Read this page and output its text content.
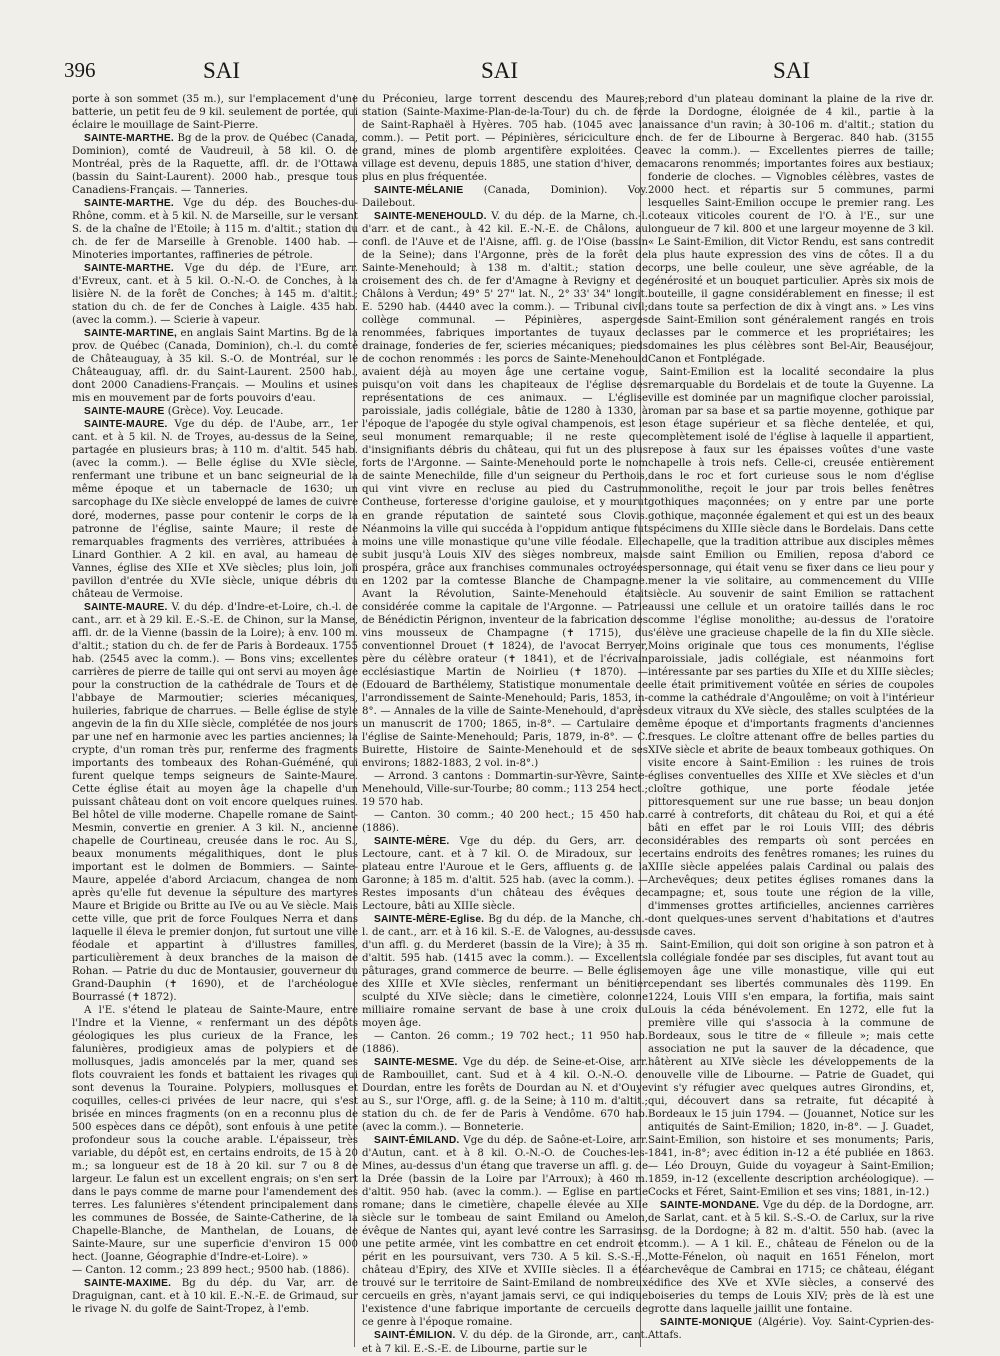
396	SAI	SAI	SAI

porte à son sommet (35 m.), sur l'emplacement d'une batterie, un petit feu de 9 kil. seulement de portée, qui éclaire le mouillage de Saint-Pierre.

SAINTE-MARTHE. Bg de la prov. de Québec (Canada, Dominion), comté de Vaudreuil, à 58 kil. O. de Montréal, près de la Raquette, affl. dr. de l'Ottawa (bassin du Saint-Laurent). 2000 hab., presque tous Canadiens-Français. — Tanneries.

SAINTE-MARTHE. Vge du dép. des Bouches-du-Rhône, comm. et à 5 kil. N. de Marseille, sur le versant S. de la chaîne de l'Etoile; à 115 m. d'altit.; station du ch. de fer de Marseille à Grenoble. 1400 hab. — Minoteries importantes, raffineries de pétrole.

SAINTE-MARTHE. Vge du dép. de l'Eure, arr. d'Evreux, cant. et à 5 kil. O.-N.-O. de Conches, à la lisière N. de la forêt de Conches; à 145 m. d'altit.; station du ch. de fer de Conches à Laigle. 435 hab. (avec la comm.). — Scierie à vapeur.

SAINTE-MARTINE, en anglais Saint Martins. Bg de la prov. de Québec (Canada, Dominion), ch.-l. du comté de Châteauguay, à 35 kil. S.-O. de Montréal, sur le Châteauguay, affl. dr. du Saint-Laurent. 2500 hab., dont 2000 Canadiens-Français. — Moulins et usines mis en mouvement par de forts pouvoirs d'eau.

SAINTE-MAURE (Grèce). Voy. Leucade.

SAINTE-MAURE. Vge du dép. de l'Aube, arr., 1er cant. et à 5 kil. N. de Troyes, au-dessus de la Seine, partagée en plusieurs bras; à 110 m. d'altit. 545 hab. (avec la comm.). — Belle église du XVIe siècle, renfermant une tribune et un banc seigneurial de la même époque et un tabernacle de 1630; un sarcophage du IXe siècle enveloppé de lames de cuivre doré, modernes, passe pour contenir le corps de la patronne de l'église, sainte Maure; il reste de remarquables fragments des verrières, attribuées à Linard Gonthier. A 2 kil. en aval, au hameau de Vannes, église des XIIe et XVe siècles; plus loin, joli pavillon d'entrée du XVIe siècle, unique débris du château de Vermoise.

SAINTE-MAURE. V. du dép. d'Indre-et-Loire, ch.-l. de cant., arr. et à 29 kil. E.-S.-E. de Chinon, sur la Manse, affl. dr. de la Vienne (bassin de la Loire); à env. 100 m. d'altit.; station du ch. de fer de Paris à Bordeaux. 1755 hab. (2545 avec la comm.). — Bons vins; excellentes carrières de pierre de taille qui ont servi au moyen âge pour la construction de la cathédrale de Tours et de l'abbaye de Marmoutier; scieries mécaniques, huileries, fabrique de charrues. — Belle église de style angevin de la fin du XIIe siècle, complétée de nos jours par une nef en harmonie avec les parties anciennes; la crypte, d'un roman très pur, renferme des fragments importants des tombeaux des Rohan-Guéméné, qui furent quelque temps seigneurs de Sainte-Maure. Cette église était au moyen âge la chapelle d'un puissant château dont on voit encore quelques ruines. Bel hôtel de ville moderne. Chapelle romane de Saint-Mesmin, convertie en grenier. A 3 kil. N., ancienne chapelle de Courtineau, creusée dans le roc. Au S., beaux monuments mégalithiques, dont le plus important est le dolmen de Bommiers. — Sainte-Maure, appelée d'abord Arciacum, changea de nom après qu'elle fut devenue la sépulture des martyres Maure et Brigide ou Britte au IVe ou au Ve siècle. Mais cette ville, que prit de force Foulques Nerra et dans laquelle il éleva le premier donjon, fut surtout une ville féodale et appartint à d'illustres familles, particulièrement à deux branches de la maison de Rohan. — Patrie du duc de Montausier, gouverneur du Grand-Dauphin (✝ 1690), et de l'archéologue Bourrassé (✝ 1872).

A l'E. s'étend le plateau de Sainte-Maure, entre l'Indre et la Vienne, « renfermant un des dépôts géologiques les plus curieux de la France, les falunières, prodigieux amas de polypiers et de mollusques, jadis amoncelés par la mer, quand ses flots couvraient les fonds et battaient les rivages qui sont devenus la Touraine. Polypiers, mollusques et coquilles, celles-ci privées de leur nacre, qui s'est brisée en minces fragments (on en a reconnu plus de 500 espèces dans ce dépôt), sont enfouis à une petite profondeur sous la couche arable. L'épaisseur, très variable, du dépôt est, en certains endroits, de 15 à 20 m.; sa longueur est de 18 à 20 kil. sur 7 ou 8 de largeur. Le falun est un excellent engrais; on s'en sert dans le pays comme de marne pour l'amendement des terres. Les falunières s'étendent principalement dans les communes de Bossée, de Sainte-Catherine, de la Chapelle-Blanche, de Manthelan, de Louans, de Sainte-Maure, sur une superficie d'environ 15 000 hect. (Joanne, Géographie d'Indre-et-Loire). »

— Canton. 12 comm.; 23 899 hect.; 9500 hab. (1886).

SAINTE-MAXIME. Bg du dép. du Var, arr. de Draguignan, cant. et à 10 kil. E.-N.-E. de Grimaud, sur le rivage N. du golfe de Saint-Tropez, à l'emb.

du Préconieu, large torrent descendu des Maures; station (Sainte-Maxime-Plan-de-la-Tour) du ch. de fer de Saint-Raphaël à Hyères. 705 hab. (1045 avec la comm.). — Petit port. — Pépinières, sériciculture en grand, mines de plomb argentifère exploitées. Ce village est devenu, depuis 1885, une station d'hiver, de plus en plus fréquentée.

SAINTE-MÉLANIE (Canada, Dominion). Voy. Dailebout.

SAINTE-MENEHOULD. V. du dép. de la Marne, ch.-l. d'arr. et de cant., à 42 kil. E.-N.-E. de Châlons, au confl. de l'Auve et de l'Aisne, affl. g. de l'Oise (bassin de la Seine); dans l'Argonne, près de la forêt de Sainte-Menehould; à 138 m. d'altit.; station de croisement des ch. de fer d'Amagne à Revigny et de Châlons à Verdun; 49° 5' 27" lat. N., 2° 33' 34" longit. E. 5290 hab. (4440 avec la comm.). — Tribunal civil; collège communal. — Pépinières, asperges renommées, fabriques importantes de tuyaux de drainage, fonderies de fer, scieries mécaniques; pieds de cochon renommés : les porcs de Sainte-Menehould avaient déjà au moyen âge une certaine vogue, puisqu'on voit dans les chapiteaux de l'église des représentations de ces animaux. — L'église paroissiale, jadis collégiale, bâtie de 1280 à 1330, à l'époque de l'apogée du style ogival champenois, est le seul monument remarquable; il ne reste que d'insignifiants débris du château, qui fut un des plus forts de l'Argonne. — Sainte-Menehould porte le nom de sainte Menechilde, fille d'un seigneur du Perthois, qui vint vivre en recluse au pied du Castrum Contheuse, forteresse d'origine gauloise, et y mourut en grande réputation de sainteté sous Clovis. Néanmoins la ville qui succéda à l'oppidum antique fut moins une ville monastique qu'une ville féodale. Elle subit jusqu'à Louis XIV des sièges nombreux, mais prospéra, grâce aux franchises communales octroyées en 1202 par la comtesse Blanche de Champagne. Avant la Révolution, Sainte-Menehould était considérée comme la capitale de l'Argonne. — Patrie de Bénédictin Pérignon, inventeur de la fabrication des vins mousseux de Champagne (✝ 1715), du conventionnel Drouet (✝ 1824), de l'avocat Berryer, père du célèbre orateur (✝ 1841), et de l'écrivain ecclésiastique Martin de Noirlieu (✝ 1870). — (Edouard de Barthélemy, Statistique monumentale de l'arrondissement de Sainte-Menehould; Paris, 1853, in-8°. — Annales de la ville de Sainte-Menehould, d'après un manuscrit de 1700; 1865, in-8°. — Cartulaire de l'église de Sainte-Menehould; Paris, 1879, in-8°. — C. Buirette, Histoire de Sainte-Menehould et de ses environs; 1882-1883, 2 vol. in-8°.)

— Arrond. 3 cantons : Dommartin-sur-Yèvre, Sainte-Menehould, Ville-sur-Tourbe; 80 comm.; 113 254 hect.; 19 570 hab.

— Canton. 30 comm.; 40 200 hect.; 15 450 hab. (1886).

SAINTE-MÈRE. Vge du dép. du Gers, arr. de Lectoure, cant. et à 7 kil. O. de Miradoux, sur le plateau entre l'Auroue et le Gers, affluents g. de la Garonne; à 185 m. d'altit. 525 hab. (avec la comm.). — Restes imposants d'un château des évêques de Lectoure, bâti au XIIIe siècle.

SAINTE-MÈRE-Eglise. Bg du dép. de la Manche, ch.-l. de cant., arr. et à 16 kil. S.-E. de Valognes, au-dessus d'un affl. g. du Merderet (bassin de la Vire); à 35 m. d'altit. 595 hab. (1415 avec la comm.). — Excellents pâturages, grand commerce de beurre. — Belle église des XIIIe et XVIe siècles, renfermant un bénitier sculpté du XIVe siècle; dans le cimetière, colonne milliaire romaine servant de base à une croix du moyen âge.

— Canton. 26 comm.; 19 702 hect.; 11 950 hab. (1886).

SAINTE-MESME. Vge du dép. de Seine-et-Oise, arr. de Rambouillet, cant. Sud et à 4 kil. O.-N.-O. de Dourdan, entre les forêts de Dourdan au N. et d'Ouye au S., sur l'Orge, affl. g. de la Seine; à 110 m. d'altit.; station du ch. de fer de Paris à Vendôme. 670 hab. (avec la comm.). — Bonneterie.

SAINT-ÉMILAND. Vge du dép. de Saône-et-Loire, arr. d'Autun, cant. et à 8 kil. O.-N.-O. de Couches-les-Mines, au-dessus d'un étang que traverse un affl. g. de la Drée (bassin de la Loire par l'Arroux); à 460 m. d'altit. 950 hab. (avec la comm.). — Eglise en partie romane; dans le cimetière, chapelle élevée au XIIe siècle sur le tombeau de saint Emiland ou Amelon, évêque de Nantes qui, ayant levé contre les Sarrasins une petite armée, vint les combattre en cet endroit et périt en les poursuivant, vers 730. A 5 kil. S.-S.-E., château d'Epiry, des XIVe et XVIIIe siècles. Il a été trouvé sur le territoire de Saint-Emiland de nombreux cercueils en grès, n'ayant jamais servi, ce qui indique l'existence d'une fabrique importante de cercueils de ce genre à l'époque romaine.

SAINT-ÉMILION. V. du dép. de la Gironde, arr., cant. et à 7 kil. E.-S.-E. de Libourne, partie sur le

rebord d'un plateau dominant la plaine de la rive dr. de la Dordogne, éloignée de 4 kil., partie à la naissance d'un ravin; à 30-106 m. d'altit.; station du ch. de fer de Libourne à Bergerac. 840 hab. (3155 avec la comm.). — Excellentes pierres de taille; macarons renommés; importantes foires aux bestiaux; fonderie de cloches. — Vignobles célèbres, vastes de 2000 hect. et répartis sur 5 communes, parmi lesquelles Saint-Emilion occupe le premier rang. Les coteaux viticoles courent de l'O. à l'E., sur une longueur de 7 kil. 800 et une largeur moyenne de 3 kil. « Le Saint-Emilion, dit Victor Rendu, est sans contredit la plus haute expression des vins de côtes. Il a du corps, une belle couleur, une sève agréable, de la générosité et un bouquet particulier. Après six mois de bouteille, il gagne considérablement en finesse; il est dans toute sa perfection de dix à vingt ans. » Les vins de Saint-Emilion sont généralement rangés en trois classes par le commerce et les propriétaires; les domaines les plus célèbres sont Bel-Air, Beauséjour, Canon et Fontplégade.

Saint-Emilion est la localité secondaire la plus remarquable du Bordelais et de toute la Guyenne. La ville est dominée par un magnifique clocher paroissial, roman par sa base et sa partie moyenne, gothique par son étage supérieur et sa flèche dentelée, et qui, complètement isolé de l'église à laquelle il appartient, repose à faux sur les épaisses voûtes d'une vaste chapelle à trois nefs. Celle-ci, creusée entièrement dans le roc et fort curieuse sous le nom d'église monolithe, reçoit le jour par trois belles fenêtres gothiques maçonnées; on y entre par une porte gothique, maçonnée également et qui est un des beaux spécimens du XIIIe siècle dans le Bordelais. Dans cette chapelle, que la tradition attribue aux disciples mêmes de saint Emilion ou Emilien, reposa d'abord ce personnage, qui était venu se fixer dans ce lieu pour y mener la vie solitaire, au commencement du VIIIe siècle. Au souvenir de saint Emilion se rattachent aussi une cellule et un oratoire taillés dans le roc comme l'église monolithe; au-dessus de l'oratoire s'élève une gracieuse chapelle de la fin du XIIe siècle. Moins originale que tous ces monuments, l'église paroissiale, jadis collégiale, est néanmoins fort intéressante par ses parties du XIIe et du XIIIe siècles; elle était primitivement voûtée en séries de coupoles comme la cathédrale d'Angoulême; on voit à l'intérieur deux vitraux du XVe siècle, des stalles sculptées de la même époque et d'importants fragments d'anciennes fresques. Le cloître attenant offre de belles parties du XIVe siècle et abrite de beaux tombeaux gothiques. On visite encore à Saint-Emilion : les ruines de trois églises conventuelles des XIIIe et XVe siècles et d'un cloître gothique, une porte féodale jetée pittoresquement sur une rue basse; un beau donjon carré à contreforts, dit château du Roi, et qui a été bâti en effet par le roi Louis VIII; des débris considérables des remparts où sont percées en certains endroits des fenêtres romanes; les ruines du XIIIe siècle appelées palais Cardinal ou palais des Archevêques; deux petites églises romanes dans la campagne; et, sous toute une région de la ville, d'immenses grottes artificielles, anciennes carrières dont quelques-unes servent d'habitations et d'autres de caves.

Saint-Emilion, qui doit son origine à son patron et à la collégiale fondée par ses disciples, fut avant tout au moyen âge une ville monastique, ville qui eut cependant ses libertés communales dès 1199. En 1224, Louis VIII s'en empara, la fortifia, mais saint Louis la céda bénévolement. En 1272, elle fut la première ville qui s'associa à la commune de Bordeaux, sous le titre de « filleule »; mais cette association ne put la sauver de la décadence, que hâtèrent au XIVe siècle les développements de la nouvelle ville de Libourne. — Patrie de Guadet, qui vint s'y réfugier avec quelques autres Girondins, et, qui, découvert dans sa retraite, fut décapité à Bordeaux le 15 juin 1794. — (Jouannet, Notice sur les antiquités de Saint-Emilion; 1820, in-8°. — J. Guadet, Saint-Emilion, son histoire et ses monuments; Paris, 1841, in-8°; avec édition in-12 a été publiée en 1863. — Léo Drouyn, Guide du voyageur à Saint-Emilion; 1859, in-12 (excellente description archéologique). — Cocks et Féret, Saint-Emilion et ses vins; 1881, in-12.)

SAINTE-MONDANE. Vge du dép. de la Dordogne, arr. de Sarlat, cant. et à 5 kil. S.-S.-O. de Carlux, sur la rive g. de la Dordogne; à 82 m. d'altit. 550 hab. (avec la comm.). — A 1 kil. E., château de Fénelon ou de la Motte-Fénelon, où naquit en 1651 Fénelon, mort archevêque de Cambrai en 1715; ce château, élégant édifice des XVe et XVIe siècles, a conservé des boiseries du temps de Louis XIV; près de là est une grotte dans laquelle jaillit une fontaine.

SAINTE-MONIQUE (Algérie). Voy. Saint-Cyprien-des-Attafs.
